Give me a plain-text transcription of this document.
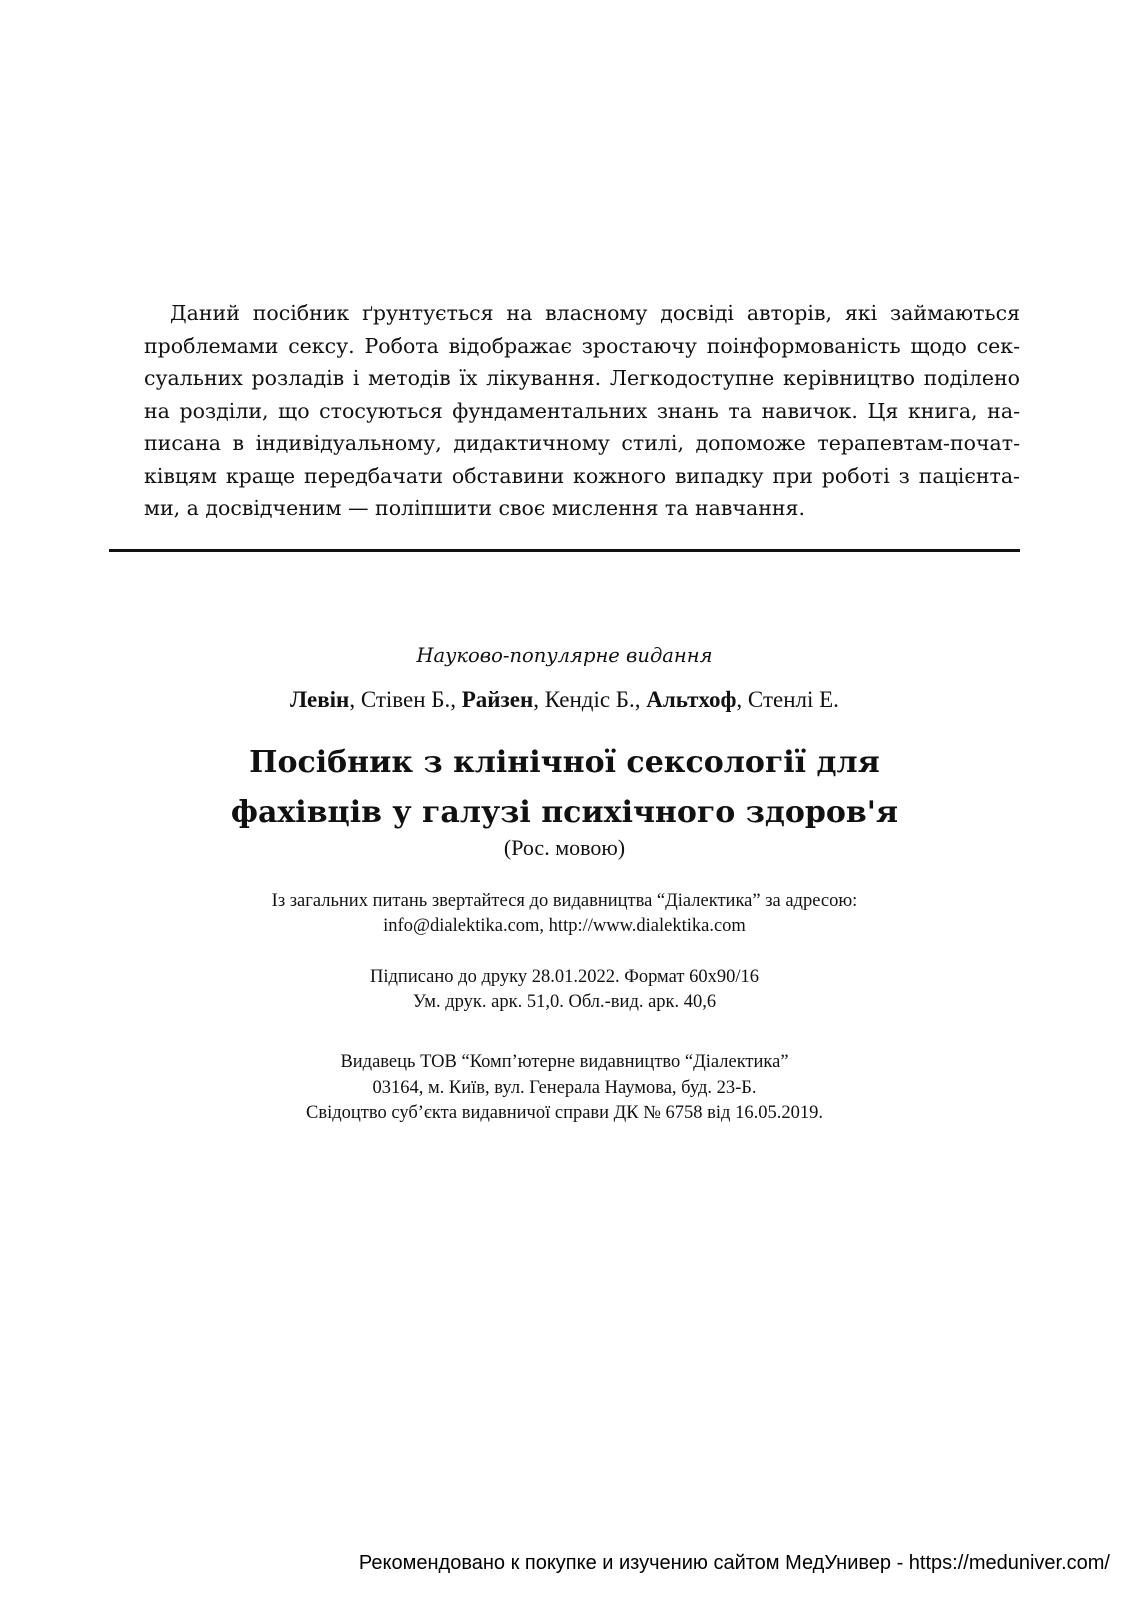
Даний посібник ґрунтується на власному досвіді авторів, які займаються
проблемами сексу. Робота відображає зростаючу поінформованість щодо сек-
суальних розладів і методів їх лікування. Легкодоступне керівництво поділено
на розділи, що стосуються фундаментальних знань та навичок. Ця книга, на-
писана в індивідуальному, дидактичному стилі, допоможе терапевтам-почат-
ківцям краще передбачати обставини кожного випадку при роботі з пацієнта-
ми, а досвідченим — поліпшити своє мислення та навчання.
Науково-популярне видання
Левін, Стівен Б., Райзен, Кендіс Б., Альтхоф, Стенлі Е.
Посібник з клінічної сексології для
фахівців у галузі психічного здоров'я
(Рос. мовою)
Із загальних питань звертайтеся до видавництва “Діалектика” за адресою:
info@dialektika.com, http://www.dialektika.com
Підписано до друку 28.01.2022. Формат 60x90/16
Ум. друк. арк. 51,0. Обл.-вид. арк. 40,6
Видавець ТОВ “Комп’ютерне видавництво “Діалектика”
03164, м. Київ, вул. Генерала Наумова, буд. 23-Б.
Свідоцтво суб’єкта видавничої справи ДК № 6758 від 16.05.2019.
Рекомендовано к покупке и изучению сайтом МедУнивер - https://meduniver.com/
